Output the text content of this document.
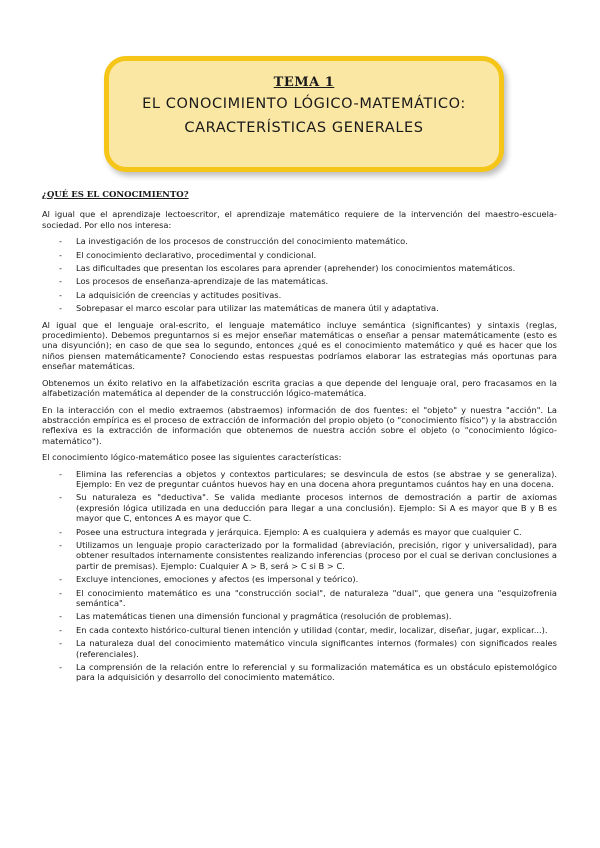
TEMA 1
EL CONOCIMIENTO LÓGICO-MATEMÁTICO:
CARACTERÍSTICAS GENERALES
¿QUÉ ES EL CONOCIMIENTO?

Al igual que el aprendizaje lectoescritor, el aprendizaje matemático requiere de la intervención del maestro-escuela-sociedad. Por ello nos interesa:

- La investigación de los procesos de construcción del conocimiento matemático.
- El conocimiento declarativo, procedimental y condicional.
- Las dificultades que presentan los escolares para aprender (aprehender) los conocimientos matemáticos.
- Los procesos de enseñanza-aprendizaje de las matemáticas.
- La adquisición de creencias y actitudes positivas.
- Sobrepasar el marco escolar para utilizar las matemáticas de manera útil y adaptativa.

Al igual que el lenguaje oral-escrito, el lenguaje matemático incluye semántica (significantes) y sintaxis (reglas, procedimiento). Debemos preguntarnos si es mejor enseñar matemáticas o enseñar a pensar matemáticamente (esto es una disyunción); en caso de que sea lo segundo, entonces ¿qué es el conocimiento matemático y qué es hacer que los niños piensen matemáticamente? Conociendo estas respuestas podríamos elaborar las estrategias más oportunas para enseñar matemáticas.

Obtenemos un éxito relativo en la alfabetización escrita gracias a que depende del lenguaje oral, pero fracasamos en la alfabetización matemática al depender de la construcción lógico-matemática.

En la interacción con el medio extraemos (abstraemos) información de dos fuentes: el "objeto" y nuestra "acción". La abstracción empírica es el proceso de extracción de información del propio objeto (o "conocimiento físico") y la abstracción reflexiva es la extracción de información que obtenemos de nuestra acción sobre el objeto (o "conocimiento lógico-matemático").

El conocimiento lógico-matemático posee las siguientes características:

- Elimina las referencias a objetos y contextos particulares; se desvincula de estos (se abstrae y se generaliza). Ejemplo: En vez de preguntar cuántos huevos hay en una docena ahora preguntamos cuántos hay en una docena.
- Su naturaleza es "deductiva". Se valida mediante procesos internos de demostración a partir de axiomas (expresión lógica utilizada en una deducción para llegar a una conclusión). Ejemplo: Si A es mayor que B y B es mayor que C, entonces A es mayor que C.
- Posee una estructura integrada y jerárquica. Ejemplo: A es cualquiera y además es mayor que cualquier C.
- Utilizamos un lenguaje propio caracterizado por la formalidad (abreviación, precisión, rigor y universalidad), para obtener resultados internamente consistentes realizando inferencias (proceso por el cual se derivan conclusiones a partir de premisas). Ejemplo: Cualquier A > B, será > C si B > C.
- Excluye intenciones, emociones y afectos (es impersonal y teórico).
- El conocimiento matemático es una "construcción social", de naturaleza "dual", que genera una "esquizofrenia semántica".
- Las matemáticas tienen una dimensión funcional y pragmática (resolución de problemas).
- En cada contexto histórico-cultural tienen intención y utilidad (contar, medir, localizar, diseñar, jugar, explicar...).
- La naturaleza dual del conocimiento matemático vincula significantes internos (formales) con significados reales (referenciales).
- La comprensión de la relación entre lo referencial y su formalización matemática es un obstáculo epistemológico para la adquisición y desarrollo del conocimiento matemático.
